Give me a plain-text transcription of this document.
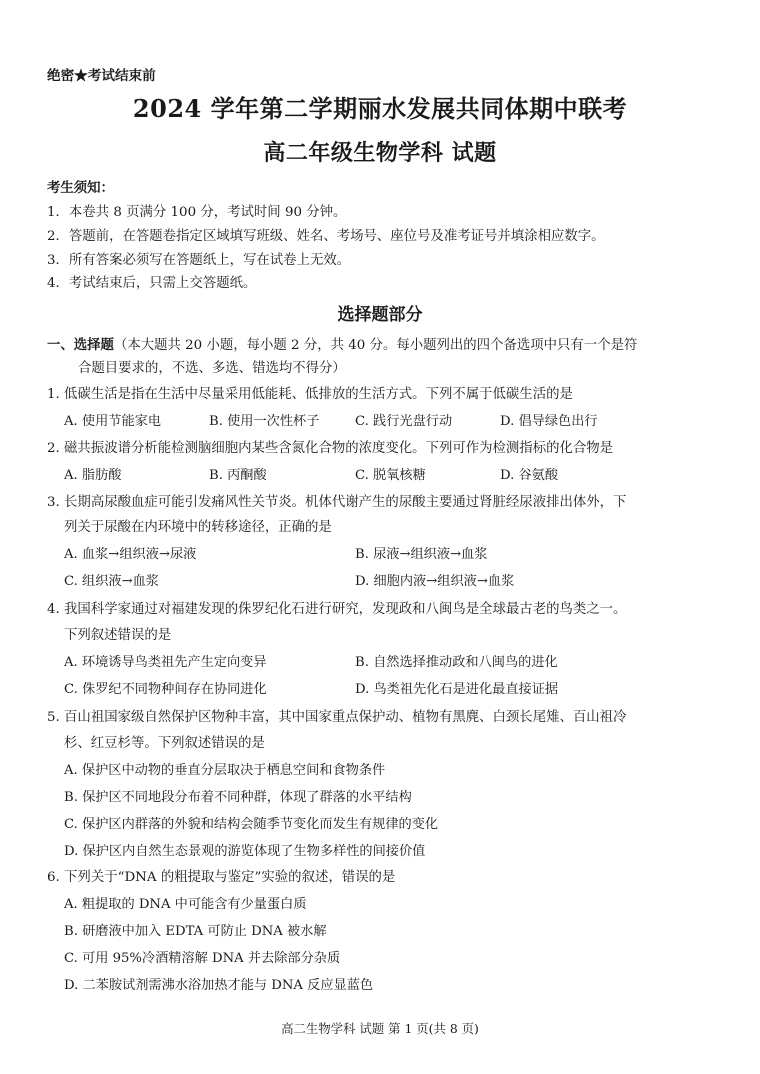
绝密★考试结束前
2024 学年第二学期丽水发展共同体期中联考
高二年级生物学科 试题
考生须知：
1．本卷共 8 页满分 100 分，考试时间 90 分钟。
2．答题前，在答题卷指定区域填写班级、姓名、考场号、座位号及准考证号并填涂相应数字。
3．所有答案必须写在答题纸上，写在试卷上无效。
4．考试结束后，只需上交答题纸。
选择题部分
一、选择题（本大题共 20 小题，每小题 2 分，共 40 分。每小题列出的四个备选项中只有一个是符
合题目要求的，不选、多选、错选均不得分）
1. 低碳生活是指在生活中尽量采用低能耗、低排放的生活方式。下列不属于低碳生活的是
A. 使用节能家电	B. 使用一次性杯子	C. 践行光盘行动	D. 倡导绿色出行
2. 磁共振波谱分析能检测脑细胞内某些含氮化合物的浓度变化。下列可作为检测指标的化合物是
A. 脂肪酸	B. 丙酮酸	C. 脱氧核糖	D. 谷氨酸
3. 长期高尿酸血症可能引发痛风性关节炎。机体代谢产生的尿酸主要通过肾脏经尿液排出体外，下
列关于尿酸在内环境中的转移途径，正确的是
A. 血浆→组织液→尿液	B. 尿液→组织液→血浆
C. 组织液→血浆	D. 细胞内液→组织液→血浆
4. 我国科学家通过对福建发现的侏罗纪化石进行研究，发现政和八闽鸟是全球最古老的鸟类之一。
下列叙述错误的是
A. 环境诱导鸟类祖先产生定向变异	B. 自然选择推动政和八闽鸟的进化
C. 侏罗纪不同物种间存在协同进化	D. 鸟类祖先化石是进化最直接证据
5. 百山祖国家级自然保护区物种丰富，其中国家重点保护动、植物有黑麂、白颈长尾雉、百山祖冷
杉、红豆杉等。下列叙述错误的是
A. 保护区中动物的垂直分层取决于栖息空间和食物条件
B. 保护区不同地段分布着不同种群，体现了群落的水平结构
C. 保护区内群落的外貌和结构会随季节变化而发生有规律的变化
D. 保护区内自然生态景观的游览体现了生物多样性的间接价值
6. 下列关于“DNA 的粗提取与鉴定”实验的叙述，错误的是
A. 粗提取的 DNA 中可能含有少量蛋白质
B. 研磨液中加入 EDTA 可防止 DNA 被水解
C. 可用 95%冷酒精溶解 DNA 并去除部分杂质
D. 二苯胺试剂需沸水浴加热才能与 DNA 反应显蓝色
高二生物学科 试题 第 1 页(共 8 页)
